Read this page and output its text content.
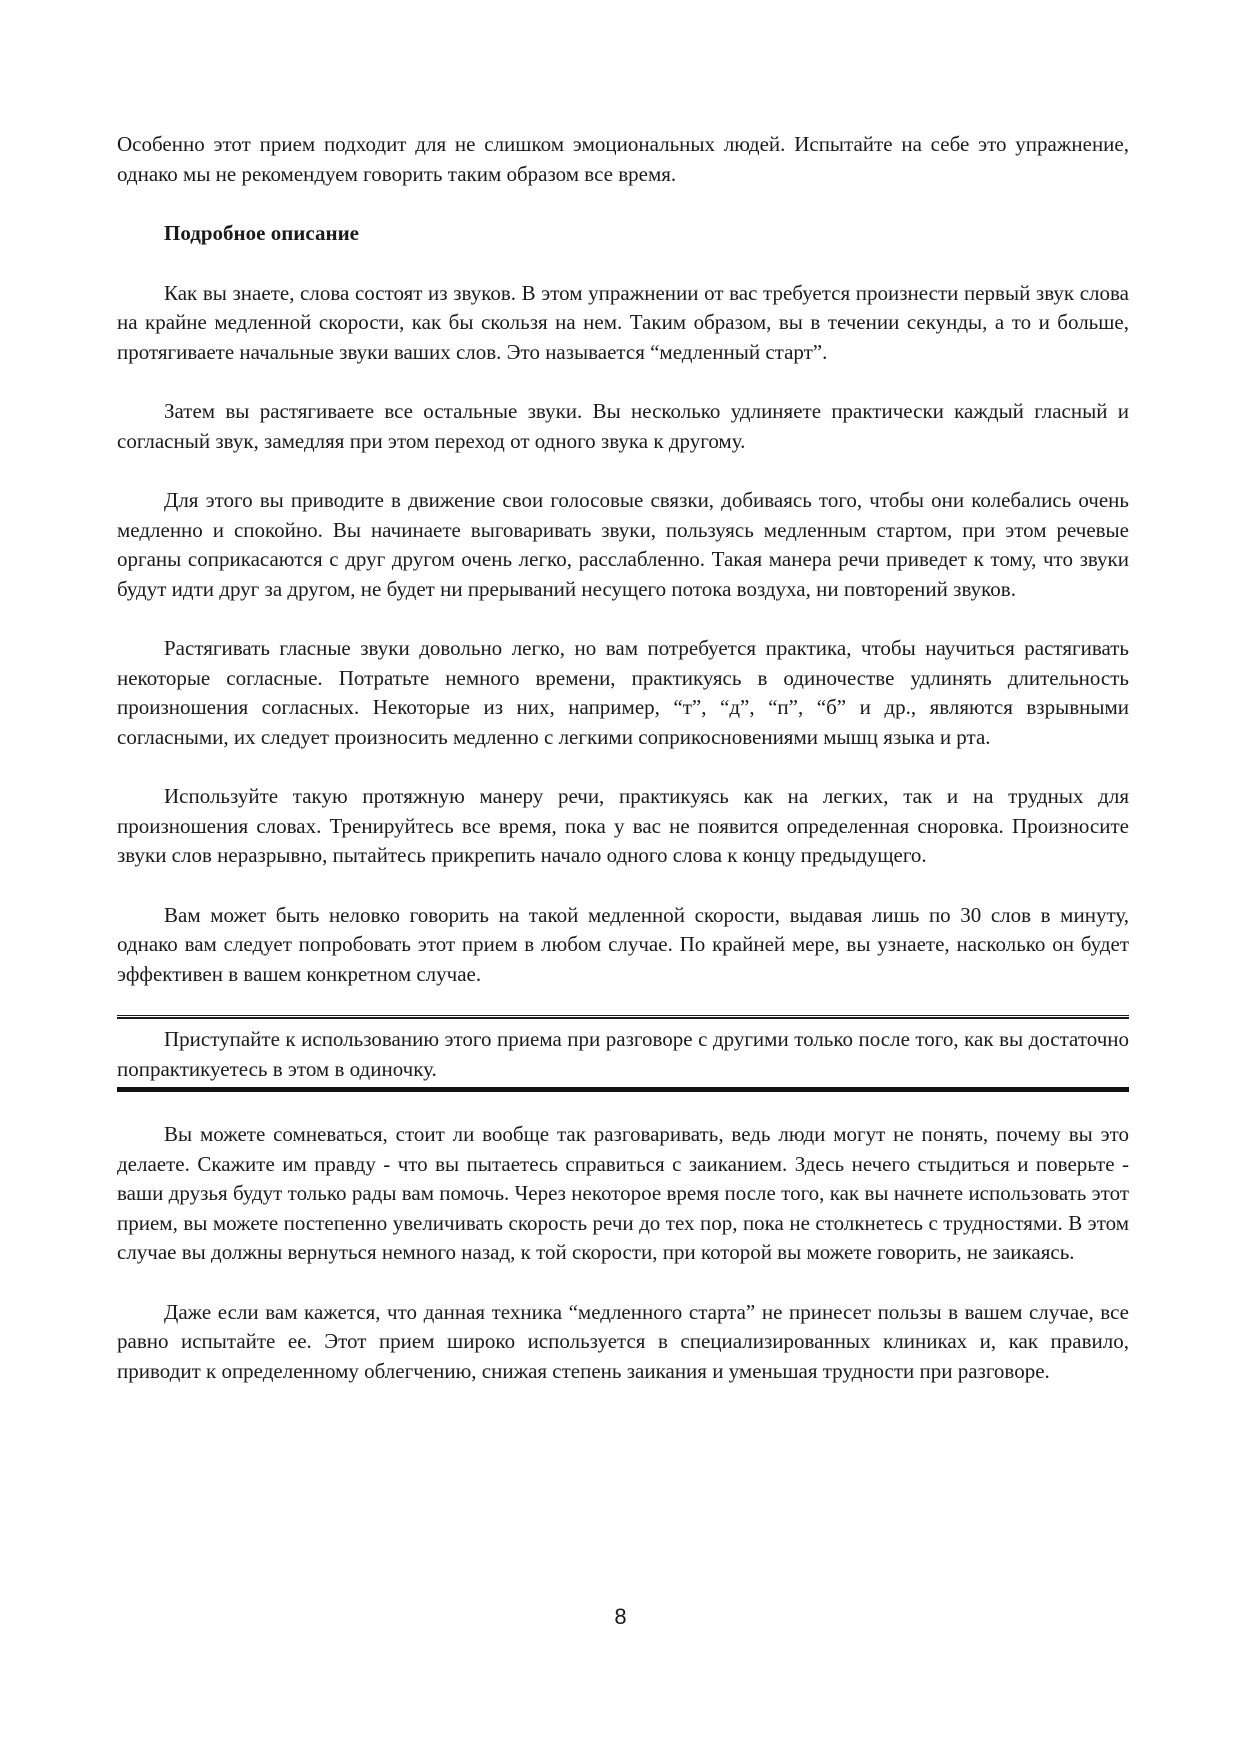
Особенно этот прием подходит для не слишком эмоциональных людей. Испытайте на себе это упражнение, однако мы не рекомендуем говорить таким образом все время.

Подробное описание

Как вы знаете, слова состоят из звуков. В этом упражнении от вас требуется произнести первый звук слова на крайне медленной скорости, как бы скользя на нем. Таким образом, вы в течении секунды, а то и больше, протягиваете начальные звуки ваших слов. Это называется “медленный старт”.

Затем вы растягиваете все остальные звуки. Вы несколько удлиняете практически каждый гласный и согласный звук, замедляя при этом переход от одного звука к другому.

Для этого вы приводите в движение свои голосовые связки, добиваясь того, чтобы они колебались очень медленно и спокойно. Вы начинаете выговаривать звуки, пользуясь медленным стартом, при этом речевые органы соприкасаются с друг другом очень легко, расслабленно. Такая манера речи приведет к тому, что звуки будут идти друг за другом, не будет ни прерываний несущего потока воздуха, ни повторений звуков.

Растягивать гласные звуки довольно легко, но вам потребуется практика, чтобы научиться растягивать некоторые согласные. Потратьте немного времени, практикуясь в одиночестве удлинять длительность произношения согласных. Некоторые из них, например, “т”, “д”, “п”, “б” и др., являются взрывными согласными, их следует произносить медленно с легкими соприкосновениями мышц языка и рта.

Используйте такую протяжную манеру речи, практикуясь как на легких, так и на трудных для произношения словах. Тренируйтесь все время, пока у вас не появится определенная сноровка. Произносите звуки слов неразрывно, пытайтесь прикрепить начало одного слова к концу предыдущего.

Вам может быть неловко говорить на такой медленной скорости, выдавая лишь по 30 слов в минуту, однако вам следует попробовать этот прием в любом случае. По крайней мере, вы узнаете, насколько он будет эффективен в вашем конкретном случае.

Приступайте к использованию этого приема при разговоре с другими только после того, как вы достаточно попрактикуетесь в этом в одиночку.

Вы можете сомневаться, стоит ли вообще так разговаривать, ведь люди могут не понять, почему вы это делаете. Скажите им правду - что вы пытаетесь справиться с заиканием. Здесь нечего стыдиться и поверьте - ваши друзья будут только рады вам помочь. Через некоторое время после того, как вы начнете использовать этот прием, вы можете постепенно увеличивать скорость речи до тех пор, пока не столкнетесь с трудностями. В этом случае вы должны вернуться немного назад, к той скорости, при которой вы можете говорить, не заикаясь.

Даже если вам кажется, что данная техника “медленного старта” не принесет пользы в вашем случае, все равно испытайте ее. Этот прием широко используется в специализированных клиниках и, как правило, приводит к определенному облегчению, снижая степень заикания и уменьшая трудности при разговоре.

8
